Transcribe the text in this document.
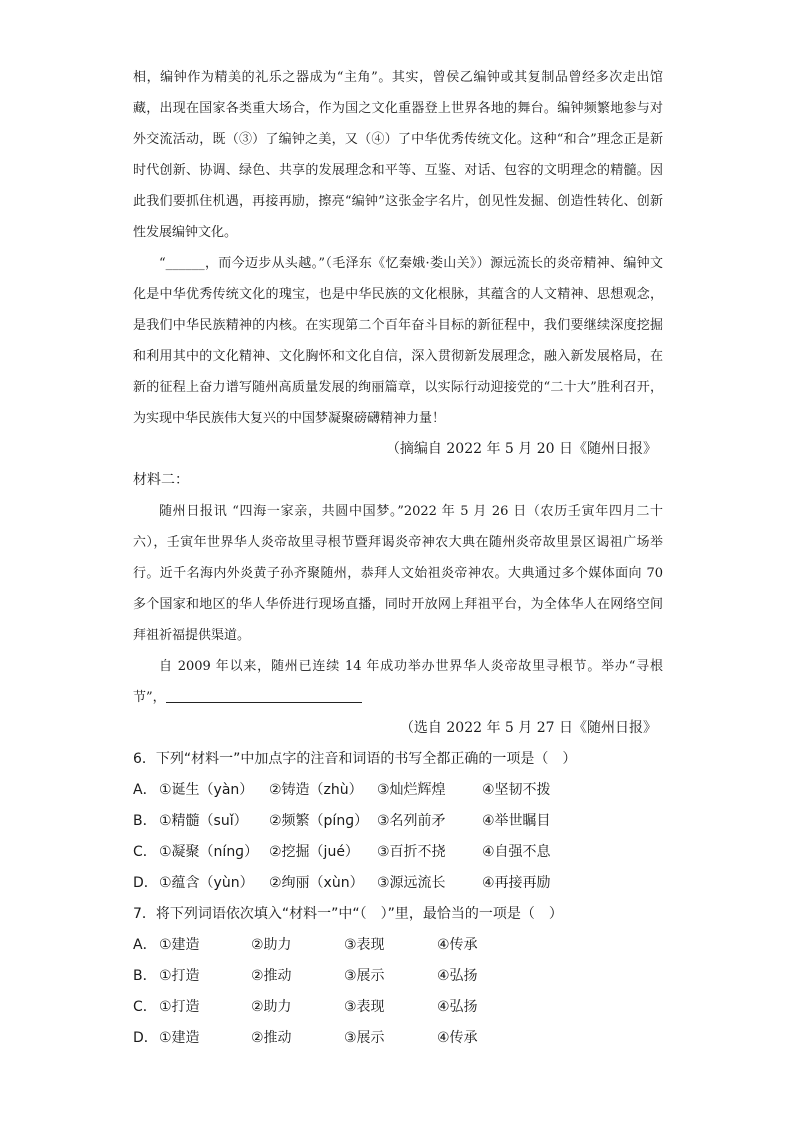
相，编钟作为精美的礼乐之器成为“主角”。其实，曾侯乙编钟或其复制品曾经多次走出馆藏，出现在国家各类重大场合，作为国之文化重器登上世界各地的舞台。编钟频繁地参与对外交流活动，既（③）了编钟之美，又（④）了中华优秀传统文化。这种“和合”理念正是新时代创新、协调、绿色、共享的发展理念和平等、互鉴、对话、包容的文明理念的精髓。因此我们要抓住机遇，再接再励，擦亮“编钟”这张金字名片，创见性发掘、创造性转化、创新性发展编钟文化。

“______，而今迈步从头越。”（毛泽东《忆秦娥·娄山关》）源远流长的炎帝精神、编钟文化是中华优秀传统文化的瑰宝，也是中华民族的文化根脉，其蕴含的人文精神、思想观念，是我们中华民族精神的内核。在实现第二个百年奋斗目标的新征程中，我们要继续深度挖掘和利用其中的文化精神、文化胸怀和文化自信，深入贯彻新发展理念，融入新发展格局，在新的征程上奋力谱写随州高质量发展的绚丽篇章，以实际行动迎接党的“二十大”胜利召开，为实现中华民族伟大复兴的中国梦凝聚磅礴精神力量！

（摘编自 2022 年 5 月 20 日《随州日报》

材料二：

随州日报讯 “四海一家亲，共圆中国梦。”2022 年 5 月 26 日（农历壬寅年四月二十六），壬寅年世界华人炎帝故里寻根节暨拜谒炎帝神农大典在随州炎帝故里景区谒祖广场举行。近千名海内外炎黄子孙齐聚随州，恭拜人文始祖炎帝神农。大典通过多个媒体面向 70 多个国家和地区的华人华侨进行现场直播，同时开放网上拜祖平台，为全体华人在网络空间拜祖祈福提供渠道。

自 2009 年以来，随州已连续 14 年成功举办世界华人炎帝故里寻根节。举办“寻根节”，

（选自 2022 年 5 月 27 日《随州日报》

6．下列“材料一”中加点字的注音和词语的书写全都正确的一项是（　）

A． ①诞生（yàn）	②铸造（zhù）	③灿烂辉煌	④坚韧不拨
B． ①精髓（suǐ）	②频繁（pínɡ） ③名列前矛	④举世瞩目
C． ①凝聚（nínɡ） ②挖掘（jué）	③百折不挠	④自强不息
D． ①蕴含（yùn）	②绚丽（xùn） ③源远流长	④再接再励

7．将下列词语依次填入“材料一”中“（　）”里，最恰当的一项是（　）

A． ①建造	②助力	③表现	④传承
B． ①打造	②推动	③展示	④弘扬
C． ①打造	②助力	③表现	④弘扬
D． ①建造	②推动	③展示	④传承
